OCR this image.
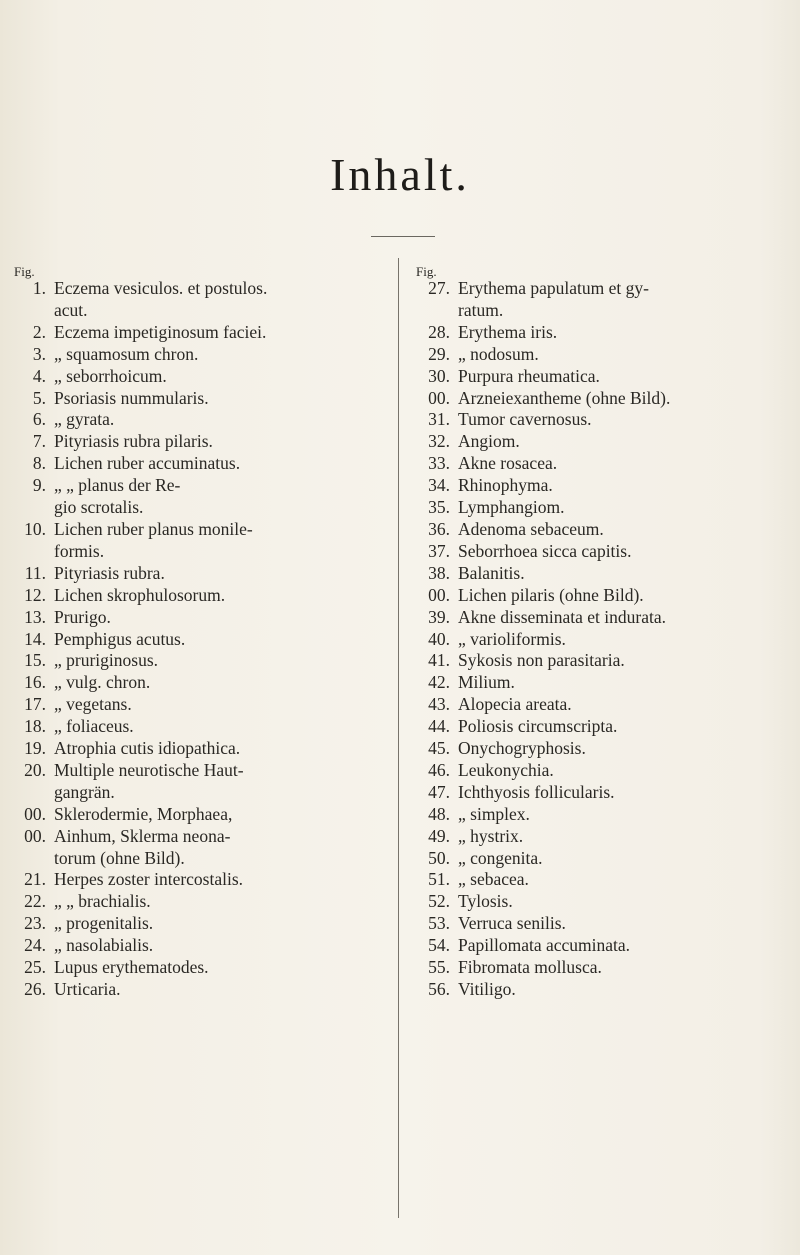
Inhalt.
Fig.
1. Eczema vesiculos. et postulos.
acut.
2. Eczema impetiginosum faciei.
3. „ squamosum chron.
4. „ seborrhoicum.
5. Psoriasis nummularis.
6. „ gyrata.
7. Pityriasis rubra pilaris.
8. Lichen ruber accuminatus.
9. „ „ planus der Re-
gio scrotalis.
10. Lichen ruber planus monile-
formis.
11. Pityriasis rubra.
12. Lichen skrophulosorum.
13. Prurigo.
14. Pemphigus acutus.
15. „ pruriginosus.
16. „ vulg. chron.
17. „ vegetans.
18. „ foliaceus.
19. Atrophia cutis idiopathica.
20. Multiple neurotische Haut-
gangrän.
00. Sklerodermie, Morphaea,
00. Ainhum, Sklerma neona-
torum (ohne Bild).
21. Herpes zoster intercostalis.
22. „ „ brachialis.
23. „ progenitalis.
24. „ nasolabialis.
25. Lupus erythematodes.
26. Urticaria.
Fig.
27. Erythema papulatum et gy-
ratum.
28. Erythema iris.
29. „ nodosum.
30. Purpura rheumatica.
00. Arzneiexantheme (ohne Bild).
31. Tumor cavernosus.
32. Angiom.
33. Akne rosacea.
34. Rhinophyma.
35. Lymphangiom.
36. Adenoma sebaceum.
37. Seborrhoea sicca capitis.
38. Balanitis.
00. Lichen pilaris (ohne Bild).
39. Akne disseminata et indurata.
40. „ varioliformis.
41. Sykosis non parasitaria.
42. Milium.
43. Alopecia areata.
44. Poliosis circumscripta.
45. Onychogryphosis.
46. Leukonychia.
47. Ichthyosis follicularis.
48. „ simplex.
49. „ hystrix.
50. „ congenita.
51. „ sebacea.
52. Tylosis.
53. Verruca senilis.
54. Papillomata accuminata.
55. Fibromata mollusca.
56. Vitiligo.
